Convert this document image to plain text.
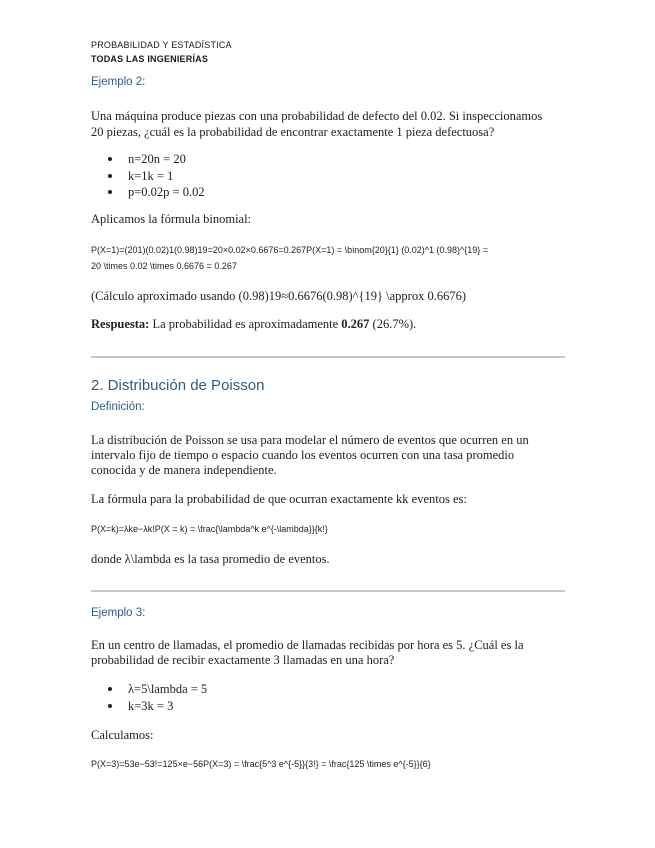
PROBABILIDAD Y ESTADÍSTICA
TODAS LAS INGENIERÍAS
Ejemplo 2:
Una máquina produce piezas con una probabilidad de defecto del 0.02. Si inspeccionamos
20 piezas, ¿cuál es la probabilidad de encontrar exactamente 1 pieza defectuosa?
n=20n = 20
k=1k = 1
p=0.02p = 0.02
Aplicamos la fórmula binomial:
P(X=1)=(201)(0.02)1(0.98)19=20×0.02×0.6676=0.267P(X=1) = \binom{20}{1} (0.02)^1 (0.98)^{19} =
20 \times 0.02 \times 0.6676 = 0.267
(Cálculo aproximado usando (0.98)19≈0.6676(0.98)^{19} \approx 0.6676)
Respuesta: La probabilidad es aproximadamente 0.267 (26.7%).
2. Distribución de Poisson
Definición:
La distribución de Poisson se usa para modelar el número de eventos que ocurren en un
intervalo fijo de tiempo o espacio cuando los eventos ocurren con una tasa promedio
conocida y de manera independiente.
La fórmula para la probabilidad de que ocurran exactamente kk eventos es:
P(X=k)=λke−λk!P(X = k) = \frac{\lambda^k e^{-\lambda}}{k!}
donde λ\lambda es la tasa promedio de eventos.
Ejemplo 3:
En un centro de llamadas, el promedio de llamadas recibidas por hora es 5. ¿Cuál es la
probabilidad de recibir exactamente 3 llamadas en una hora?
λ=5\lambda = 5
k=3k = 3
Calculamos:
P(X=3)=53e−53!=125×e−56P(X=3) = \frac{5^3 e^{-5}}{3!} = \frac{125 \times e^{-5}}{6}
